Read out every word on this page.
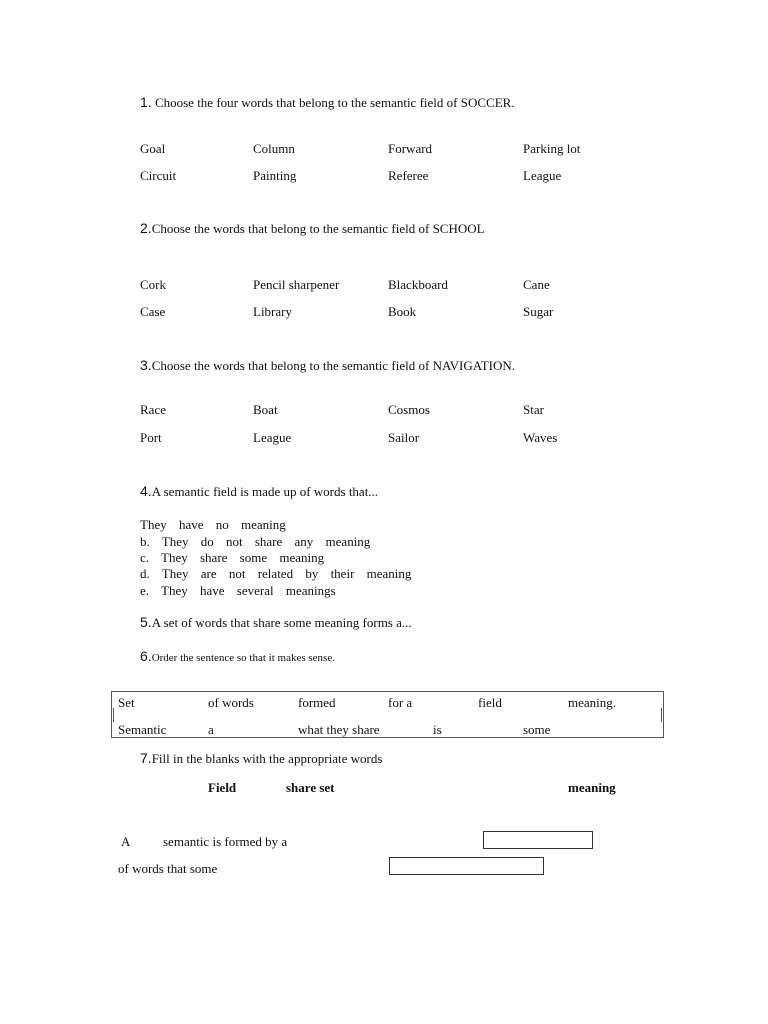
1. Choose the four words that belong to the semantic field of SOCCER.
Goal	Column	Forward	Parking lot
Circuit	Painting	Referee	League
2.Choose the words that belong to the semantic field of SCHOOL
Cork	Pencil sharpener	Blackboard	Cane
Case	Library	Book	Sugar
3.Choose the words that belong to the semantic field of NAVIGATION.
Race	Boat	Cosmos	Star
Port	League	Sailor	Waves
4.A semantic field is made up of words that...
They have no meaning
b. They do not share any meaning
c. They share some meaning
d. They are not related by their meaning
e. They have several meanings
5.A set of words that share some meaning forms a...
6.Order the sentence so that it makes sense.
Set	of words	formed	for a	field	meaning.
Semantic	a	what they share	is	some
7.Fill in the blanks with the appropriate words
Field	share set	meaning
A	semantic is formed by a
of words that some
